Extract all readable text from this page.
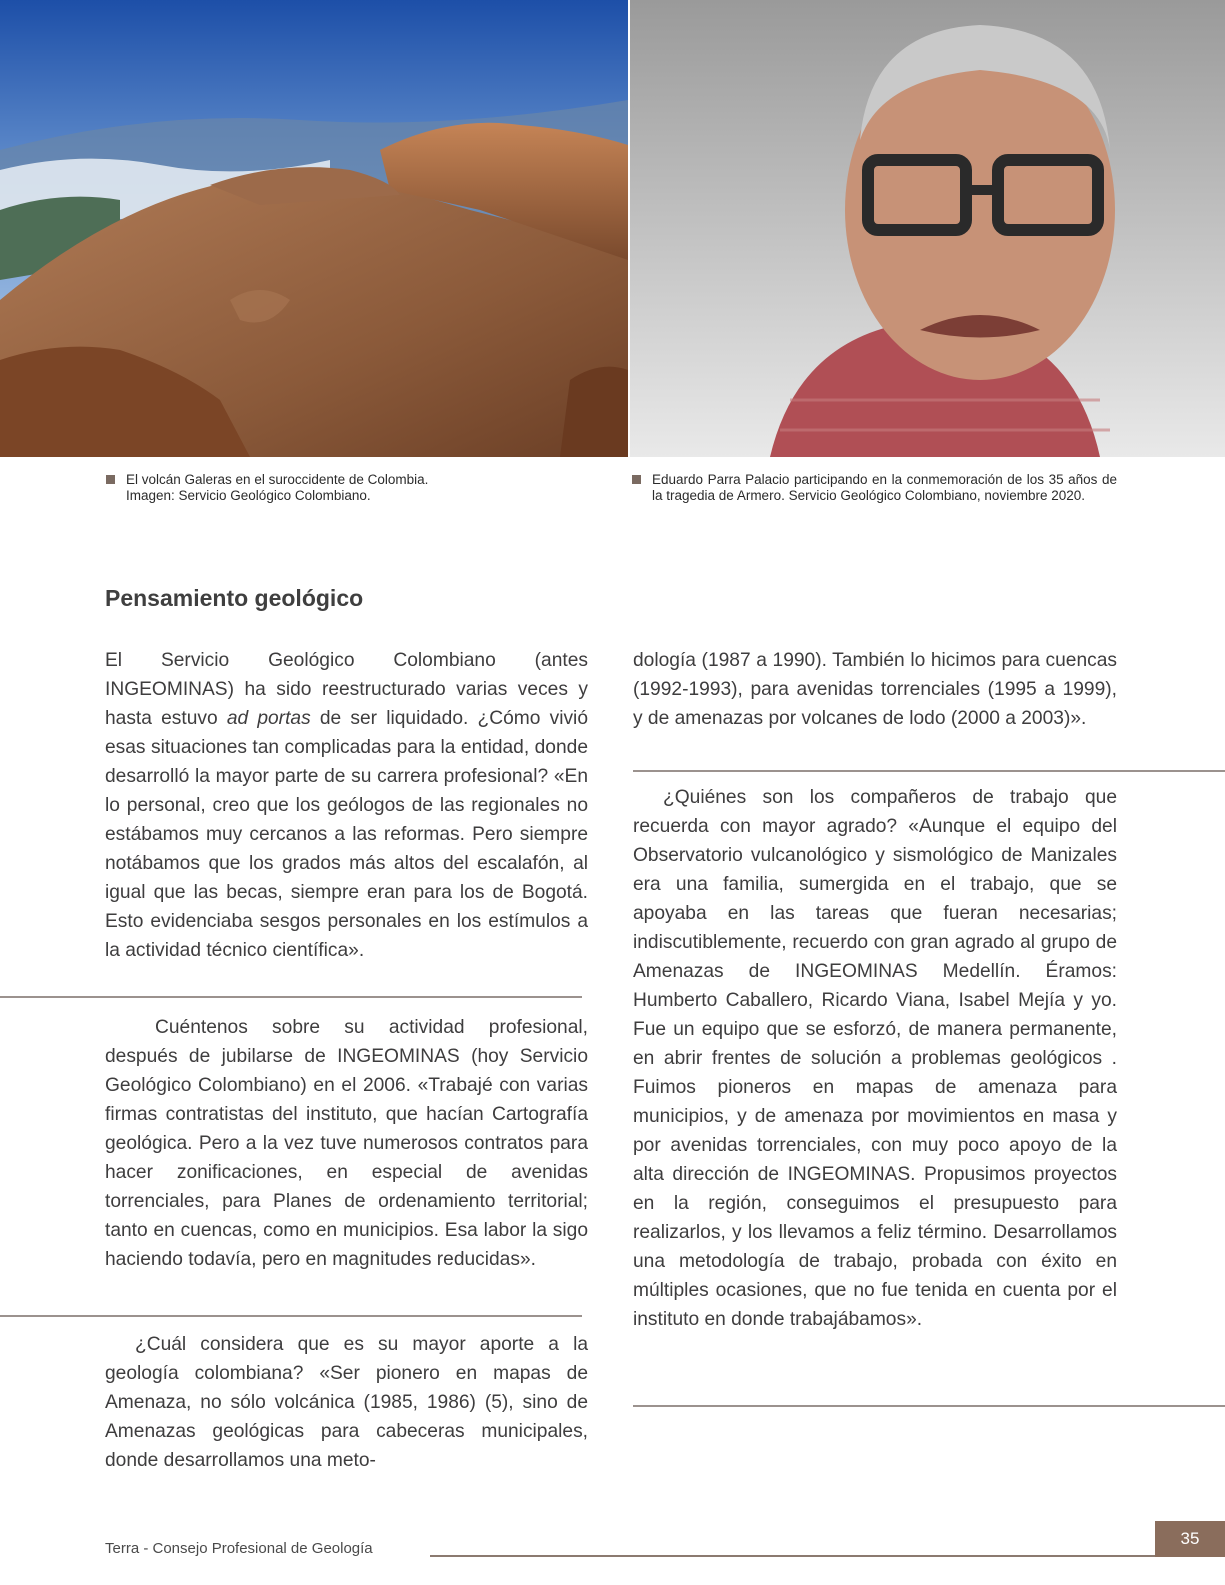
El volcán Galeras en el suroccidente de Colombia.

Imagen: Servicio Geológico Colombiano.

Eduardo Parra Palacio participando en la conmemoración de los 35 años de la tragedia de Armero. Servicio Geológico Colombiano, noviembre 2020.

Pensamiento geológico

El Servicio Geológico Colombiano (antes INGEOMINAS) ha sido reestructurado varias veces y hasta estuvo ad portas de ser liquidado. ¿Cómo vivió esas situaciones tan complicadas para la entidad, donde desarrolló la mayor parte de su carrera profesional? «En lo personal, creo que los geólogos de las regionales no estábamos muy cercanos a las reformas. Pero siempre notábamos que los grados más altos del escalafón, al igual que las becas, siempre eran para los de Bogotá. Esto evidenciaba sesgos personales en los estímulos a la actividad técnico científica».

Cuéntenos sobre su actividad profesional, después de jubilarse de INGEOMINAS (hoy Servicio Geológico Colombiano) en el 2006. «Trabajé con varias firmas contratistas del instituto, que hacían Cartografía geológica. Pero a la vez tuve numerosos contratos para hacer zonificaciones, en especial de avenidas torrenciales, para Planes de ordenamiento territorial; tanto en cuencas, como en municipios. Esa labor la sigo haciendo todavía, pero en magnitudes reducidas».

¿Cuál considera que es su mayor aporte a la geología colombiana? «Ser pionero en mapas de Amenaza, no sólo volcánica (1985, 1986) (5), sino de Amenazas geológicas para cabeceras municipales, donde desarrollamos una meto-

dología (1987 a 1990). También lo hicimos para cuencas (1992-1993), para avenidas torrenciales (1995 a 1999), y de amenazas por volcanes de lodo (2000 a 2003)».

¿Quiénes son los compañeros de trabajo que recuerda con mayor agrado? «Aunque el equipo del Observatorio vulcanológico y sismológico de Manizales era una familia, sumergida en el trabajo, que se apoyaba en las tareas que fueran necesarias; indiscutiblemente, recuerdo con gran agrado al grupo de Amenazas de INGEOMINAS Medellín. Éramos: Humberto Caballero, Ricardo Viana, Isabel Mejía y yo. Fue un equipo que se esforzó, de manera permanente, en abrir frentes de solución a problemas geológicos . Fuimos pioneros en mapas de amenaza para municipios, y de amenaza por movimientos en masa y por avenidas torrenciales, con muy poco apoyo de la alta dirección de INGEOMINAS. Propusimos proyectos en la región, conseguimos el presupuesto para realizarlos, y los llevamos a feliz término. Desarrollamos una metodología de trabajo, probada con éxito en múltiples ocasiones, que no fue tenida en cuenta por el instituto en donde trabajábamos».

Terra - Consejo Profesional de Geología
35
